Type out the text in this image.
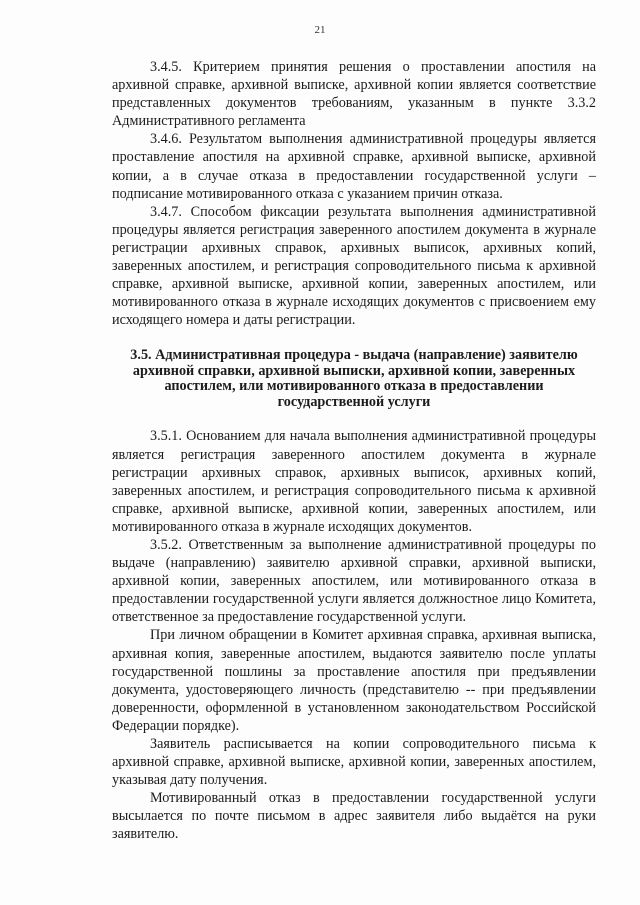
21

3.4.5. Критерием принятия решения о проставлении апостиля на архивной справке, архивной выписке, архивной копии является соответствие представленных документов требованиям, указанным в пункте 3.3.2 Административного регламента

3.4.6. Результатом выполнения административной процедуры является проставление апостиля на архивной справке, архивной выписке, архивной копии, а в случае отказа в предоставлении государственной услуги – подписание мотивированного отказа с указанием причин отказа.

3.4.7. Способом фиксации результата выполнения административной процедуры является регистрация заверенного апостилем документа в журнале регистрации архивных справок, архивных выписок, архивных копий, заверенных апостилем, и регистрация сопроводительного письма к архивной справке, архивной выписке, архивной копии, заверенных апостилем, или мотивированного отказа в журнале исходящих документов с присвоением ему исходящего номера и даты регистрации.

3.5. Административная процедура - выдача (направление) заявителю архивной справки, архивной выписки, архивной копии, заверенных апостилем, или мотивированного отказа в предоставлении государственной услуги

3.5.1. Основанием для начала выполнения административной процедуры является регистрация заверенного апостилем документа в журнале регистрации архивных справок, архивных выписок, архивных копий, заверенных апостилем, и регистрация сопроводительного письма к архивной справке, архивной выписке, архивной копии, заверенных апостилем, или мотивированного отказа в журнале исходящих документов.

3.5.2. Ответственным за выполнение административной процедуры по выдаче (направлению) заявителю архивной справки, архивной выписки, архивной копии, заверенных апостилем, или мотивированного отказа в предоставлении государственной услуги является должностное лицо Комитета, ответственное за предоставление государственной услуги.

При личном обращении в Комитет архивная справка, архивная выписка, архивная копия, заверенные апостилем, выдаются заявителю после уплаты государственной пошлины за проставление апостиля при предъявлении документа, удостоверяющего личность (представителю -- при предъявлении доверенности, оформленной в установленном законодательством Российской Федерации порядке).

Заявитель расписывается на копии сопроводительного письма к архивной справке, архивной выписке, архивной копии, заверенных апостилем, указывая дату получения.

Мотивированный отказ в предоставлении государственной услуги высылается по почте письмом в адрес заявителя либо выдаётся на руки заявителю.
